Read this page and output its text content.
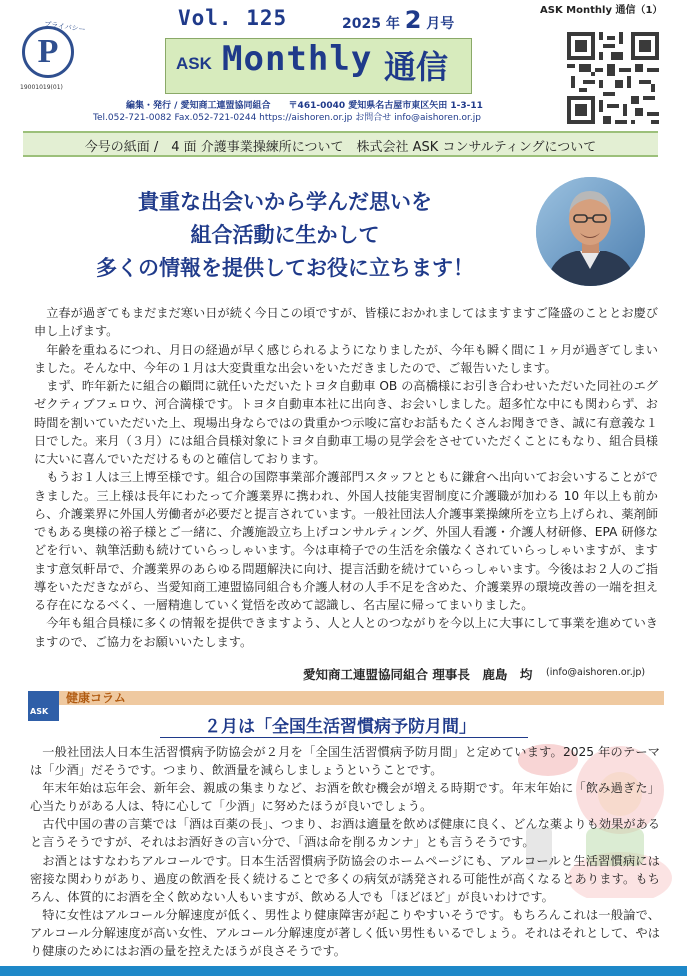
P
プライバシー
19001019(01)
Vol. 125	2025 年 2 月号
ASK Monthly 通信
ASK Monthly 通信（1）
編集・発行 / 愛知商工連盟協同組合　　〒461-0040 愛知県名古屋市東区矢田 1-3-11
Tel.052-721-0082 Fax.052-721-0244 https://aishoren.or.jp お問合せ info@aishoren.or.jp
今号の紙面 /　4 面 介護事業操練所について　株式会社 ASK コンサルティングについて
貴重な出会いから学んだ思いを
組合活動に生かして
多くの情報を提供してお役に立ちます！

立春が過ぎてもまだまだ寒い日が続く今日この頃ですが、皆様におかれましてはますますご隆盛のこととお慶び申し上げます。

年齢を重ねるにつれ、月日の経過が早く感じられるようになりましたが、今年も瞬く間に１ヶ月が過ぎてしまいました。そんな中、今年の１月は大変貴重な出会いをいただきましたので、ご報告いたします。

まず、昨年新たに組合の顧問に就任いただいたトヨタ自動車 OB の高橋様にお引き合わせいただいた同社のエグゼクティブフェロウ、河合満様です。トヨタ自動車本社に出向き、お会いしました。超多忙な中にも関わらず、お時間を割いていただいた上、現場出身ならではの貴重かつ示唆に富むお話もたくさんお聞きでき、誠に有意義な１日でした。来月（３月）には組合員様対象にトヨタ自動車工場の見学会をさせていただくことにもなり、組合員様に大いに喜んでいただけるものと確信しております。

もうお１人は三上博至様です。組合の国際事業部介護部門スタッフとともに鎌倉へ出向いてお会いすることができました。三上様は長年にわたって介護業界に携われ、外国人技能実習制度に介護職が加わる 10 年以上も前から、介護業界に外国人労働者が必要だと提言されています。一般社団法人介護事業操練所を立ち上げられ、薬剤師でもある奥様の裕子様とご一緒に、介護施設立ち上げコンサルティング、外国人看護・介護人材研修、EPA 研修などを行い、執筆活動も続けていらっしゃいます。今は車椅子での生活を余儀なくされていらっしゃいますが、ますます意気軒昂で、介護業界のあらゆる問題解決に向け、提言活動を続けていらっしゃいます。今後はお２人のご指導をいただきながら、当愛知商工連盟協同組合も介護人材の人手不足を含めた、介護業界の環境改善の一端を担える存在になるべく、一層精進していく覚悟を改めて認識し、名古屋に帰ってまいりました。

今年も組合員様に多くの情報を提供できますよう、人と人とのつながりを今以上に大事にして事業を進めていきますので、ご協力をお願いいたします。

愛知商工連盟協同組合 理事長　鹿島　均 (info@aishoren.or.jp)
ASK
健康コラム
２月は「全国生活習慣病予防月間」

一般社団法人日本生活習慣病予防協会が２月を「全国生活習慣病予防月間」と定めています。2025 年のテーマは「少酒」だそうです。つまり、飲酒量を減らしましょうということです。

年末年始は忘年会、新年会、親戚の集まりなど、お酒を飲む機会が増える時期です。年末年始に「飲み過ぎた」心当たりがある人は、特に心して「少酒」に努めたほうが良いでしょう。

古代中国の書の言葉では「酒は百薬の長」、つまり、お酒は適量を飲めば健康に良く、どんな薬よりも効果があると言うそうですが、それはお酒好きの言い分で、「酒は命を削るカンナ」とも言うそうです。

お酒とはすなわちアルコールです。日本生活習慣病予防協会のホームページにも、アルコールと生活習慣病には密接な関わりがあり、過度の飲酒を長く続けることで多くの病気が誘発される可能性が高くなるとあります。もちろん、体質的にお酒を全く飲めない人もいますが、飲める人でも「ほどほど」が良いわけです。

特に女性はアルコール分解速度が低く、男性より健康障害が起こりやすいそうです。もちろんこれは一般論で、アルコール分解速度が高い女性、アルコール分解速度が著しく低い男性もいるでしょう。それはそれとして、やはり健康のためにはお酒の量を控えたほうが良さそうです。
